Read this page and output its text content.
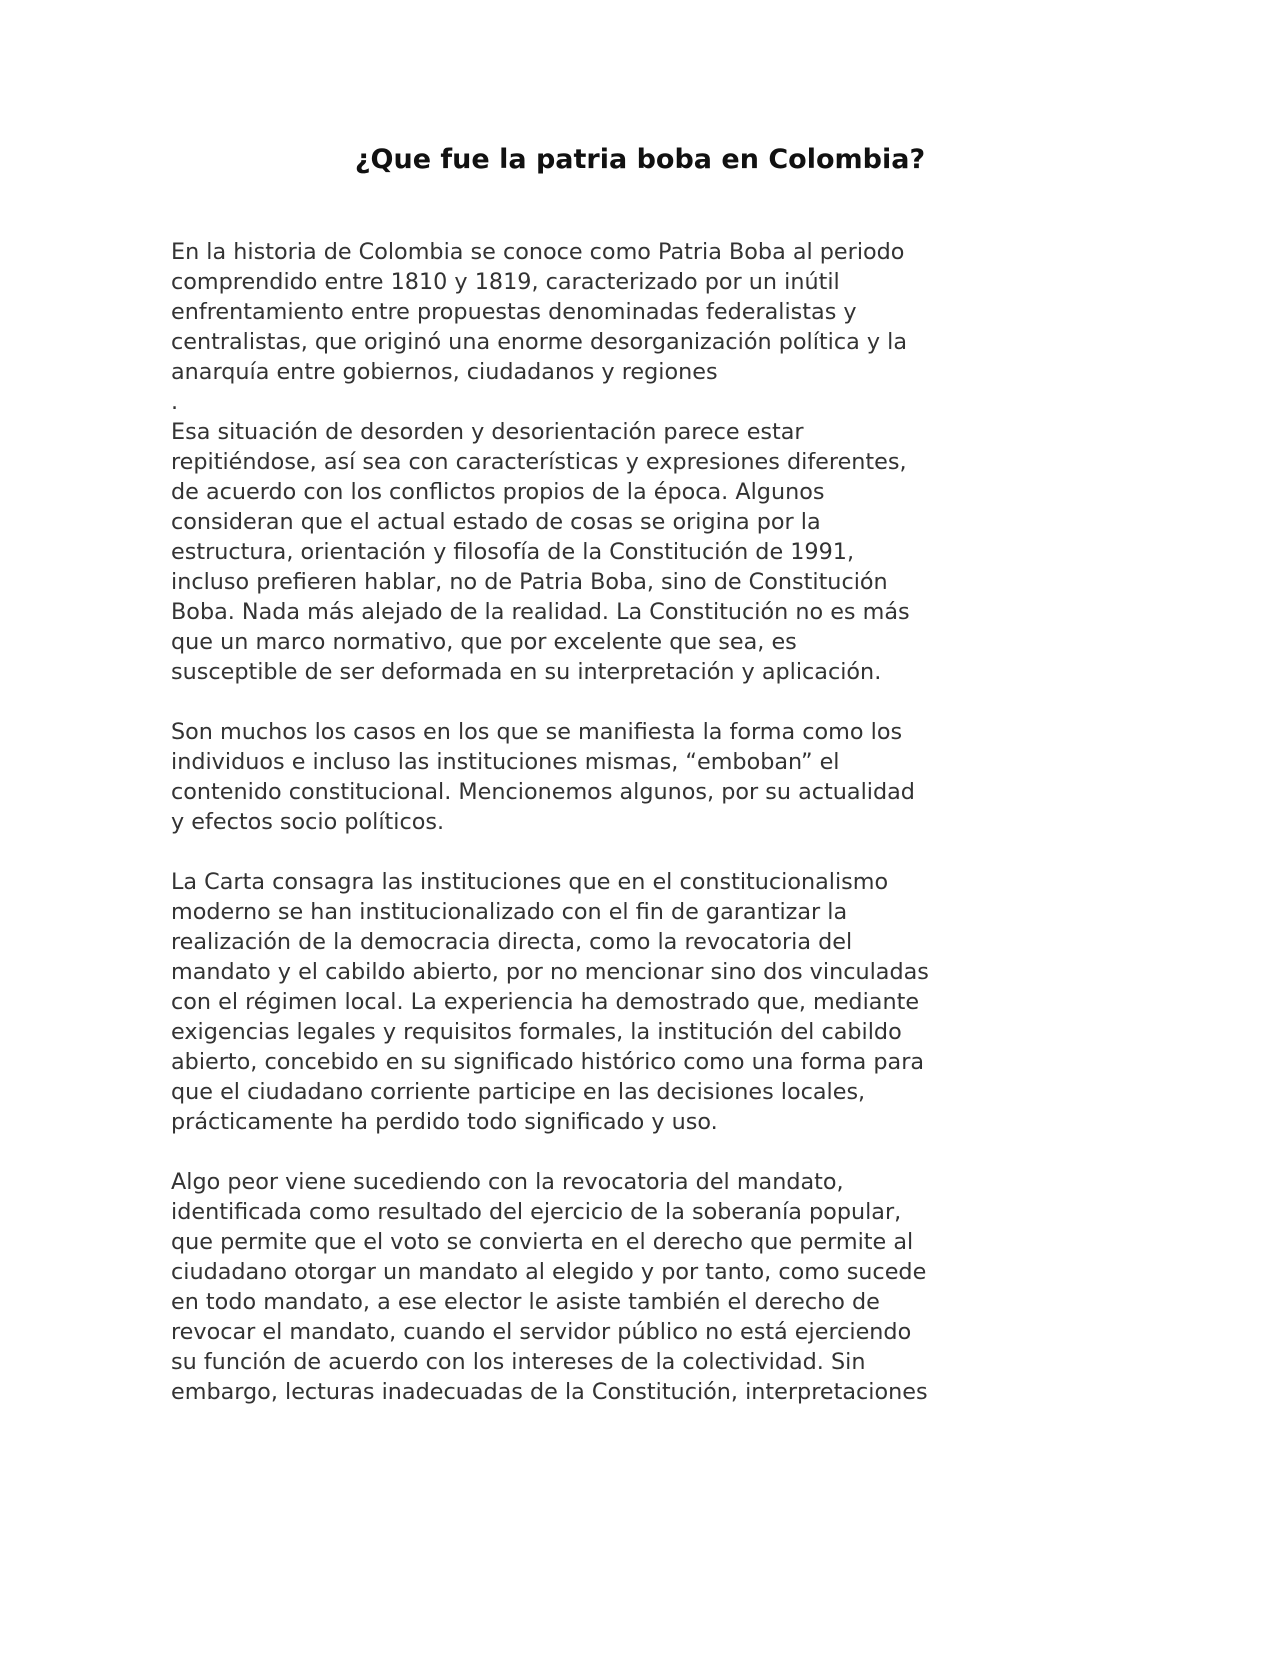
¿Que fue la patria boba en Colombia?
En la historia de Colombia se conoce como Patria Boba al periodo
comprendido entre 1810 y 1819, caracterizado por un inútil
enfrentamiento entre propuestas denominadas federalistas y
centralistas, que originó una enorme desorganización política y la
anarquía entre gobiernos, ciudadanos y regiones
.
Esa situación de desorden y desorientación parece estar
repitiéndose, así sea con características y expresiones diferentes,
de acuerdo con los conflictos propios de la época. Algunos
consideran que el actual estado de cosas se origina por la
estructura, orientación y filosofía de la Constitución de 1991,
incluso prefieren hablar, no de Patria Boba, sino de Constitución
Boba. Nada más alejado de la realidad. La Constitución no es más
que un marco normativo, que por excelente que sea, es
susceptible de ser deformada en su interpretación y aplicación.
Son muchos los casos en los que se manifiesta la forma como los
individuos e incluso las instituciones mismas, “emboban” el
contenido constitucional. Mencionemos algunos, por su actualidad
y efectos socio políticos.
La Carta consagra las instituciones que en el constitucionalismo
moderno se han institucionalizado con el fin de garantizar la
realización de la democracia directa, como la revocatoria del
mandato y el cabildo abierto, por no mencionar sino dos vinculadas
con el régimen local. La experiencia ha demostrado que, mediante
exigencias legales y requisitos formales, la institución del cabildo
abierto, concebido en su significado histórico como una forma para
que el ciudadano corriente participe en las decisiones locales,
prácticamente ha perdido todo significado y uso.
Algo peor viene sucediendo con la revocatoria del mandato,
identificada como resultado del ejercicio de la soberanía popular,
que permite que el voto se convierta en el derecho que permite al
ciudadano otorgar un mandato al elegido y por tanto, como sucede
en todo mandato, a ese elector le asiste también el derecho de
revocar el mandato, cuando el servidor público no está ejerciendo
su función de acuerdo con los intereses de la colectividad. Sin
embargo, lecturas inadecuadas de la Constitución, interpretaciones
